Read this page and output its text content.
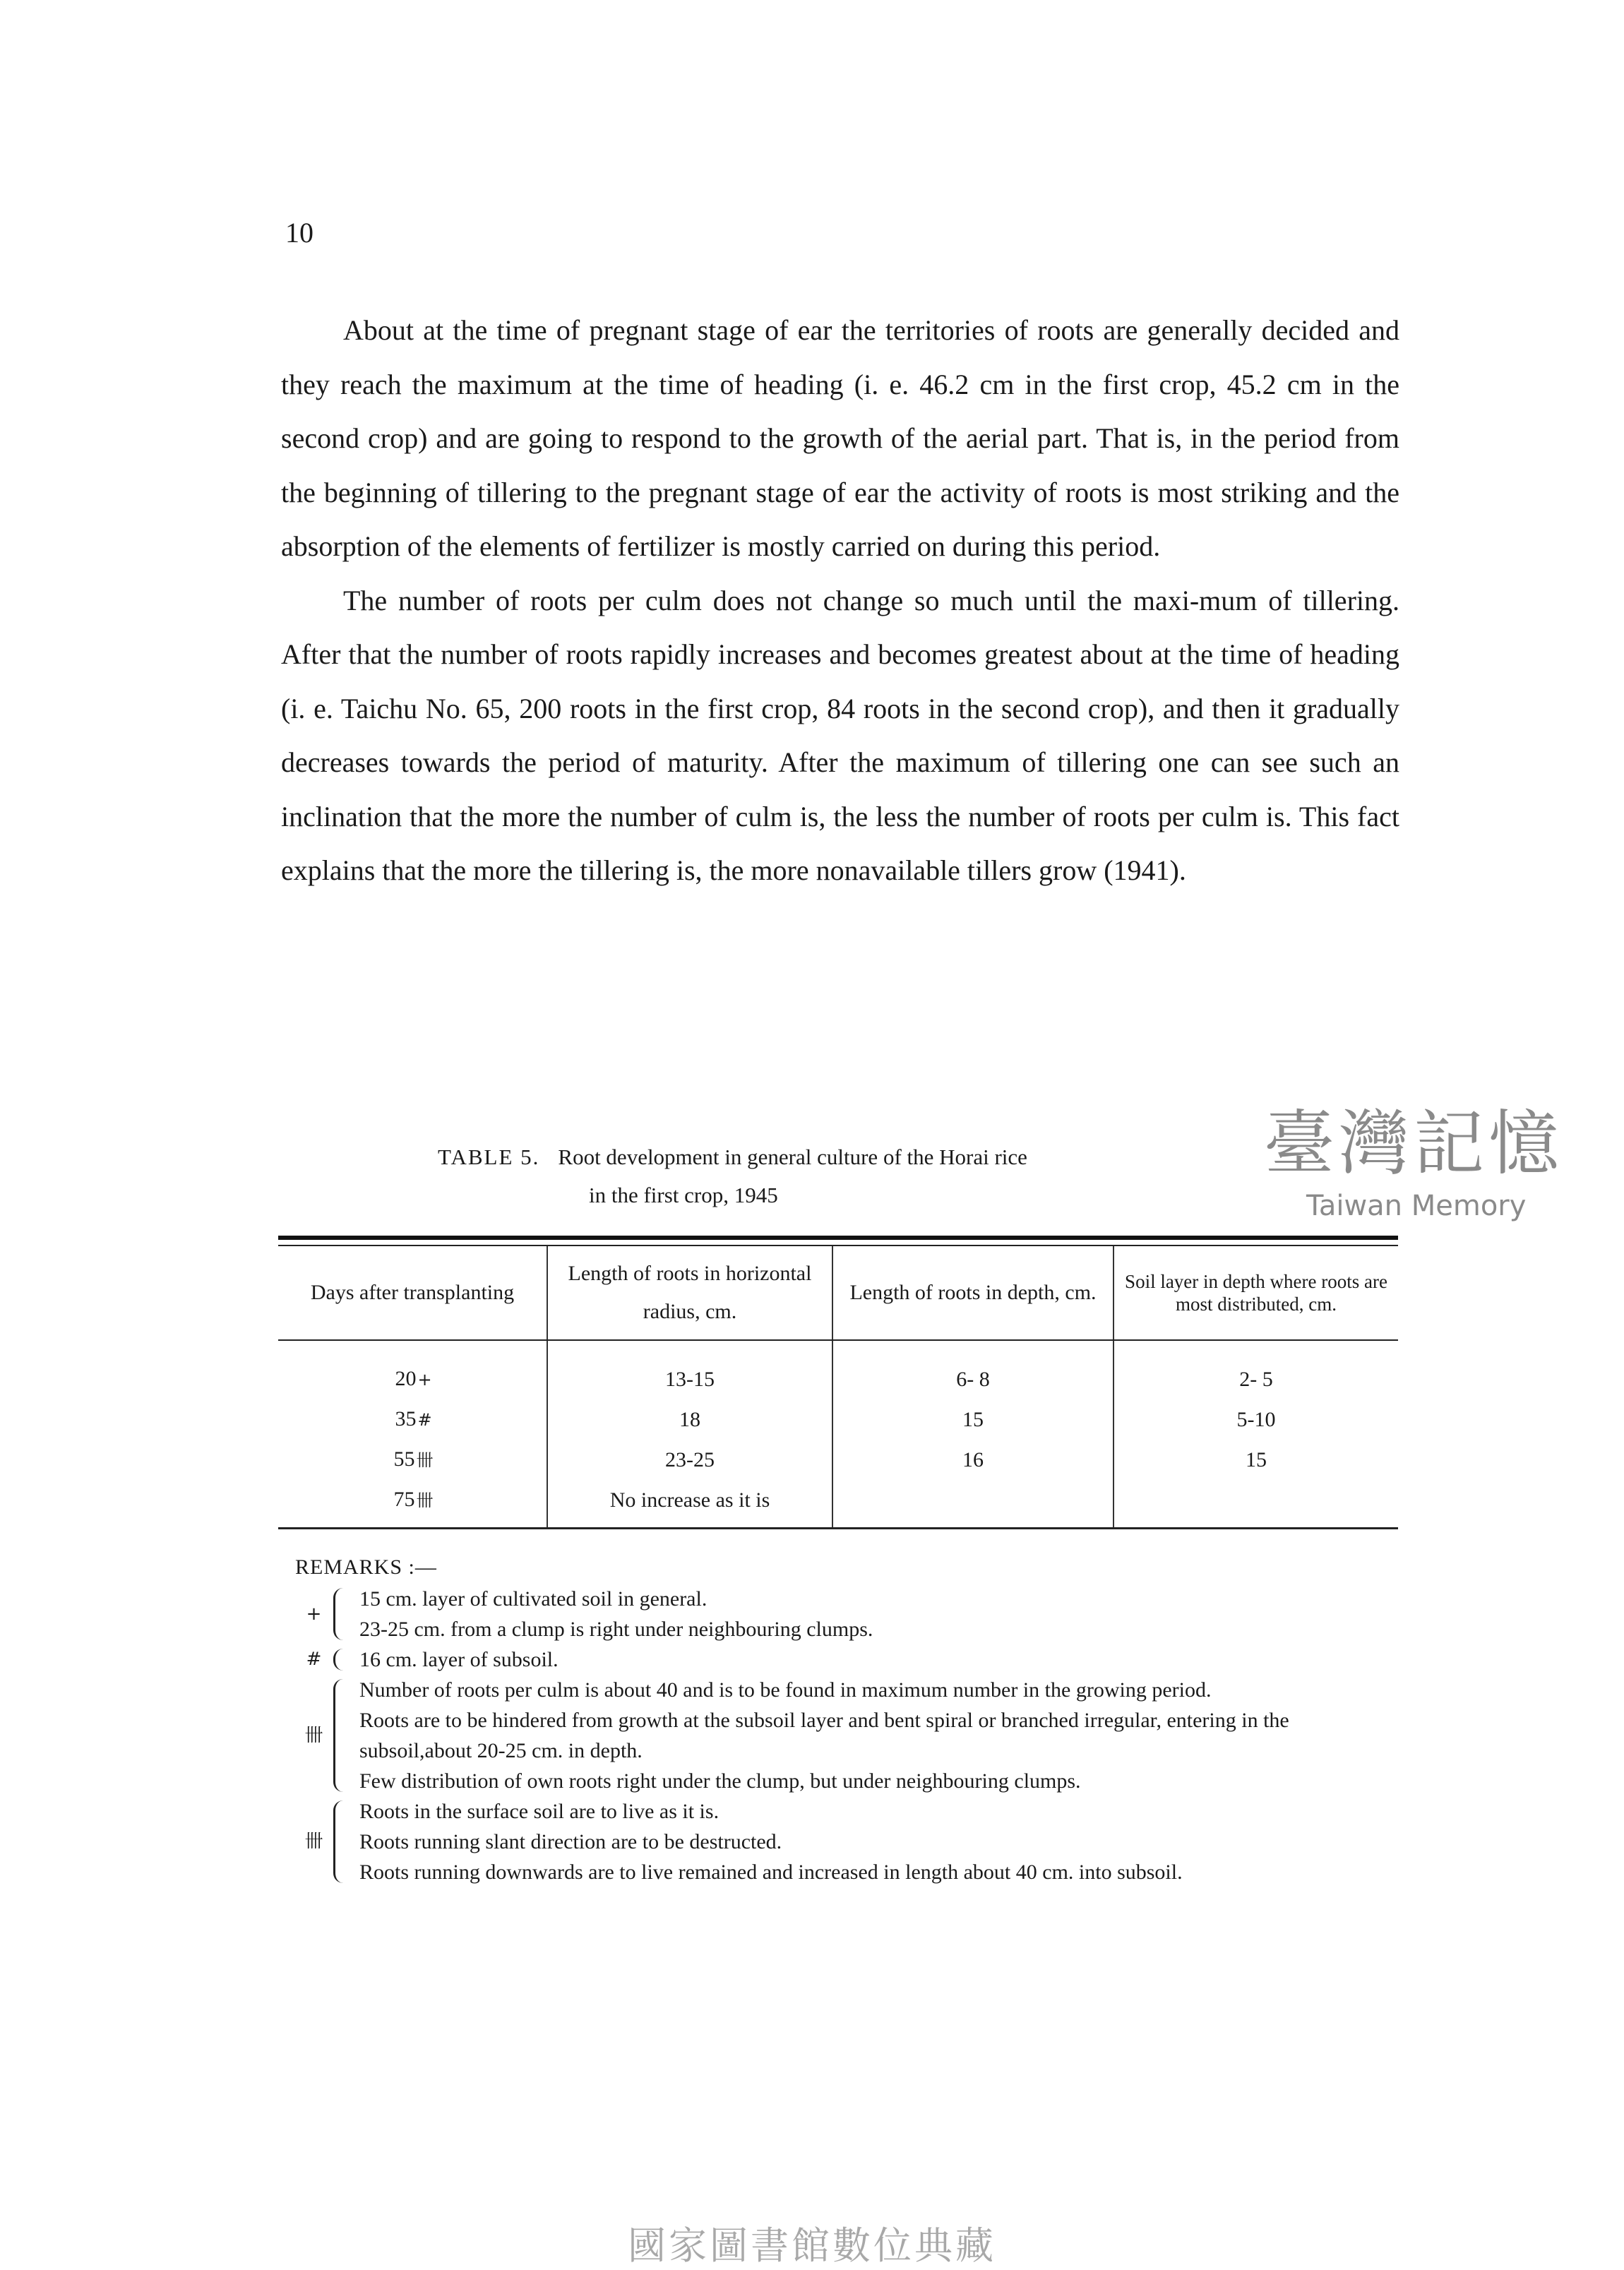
10

About at the time of pregnant stage of ear the territories of roots are generally decided and they reach the maximum at the time of heading (i. e. 46.2 cm in the first crop, 45.2 cm in the second crop) and are going to respond to the growth of the aerial part. That is, in the period from the beginning of tillering to the pregnant stage of ear the activity of roots is most striking and the absorption of the elements of fertilizer is mostly carried on during this period.

The number of roots per culm does not change so much until the maxi-mum of tillering. After that the number of roots rapidly increases and becomes greatest about at the time of heading (i. e. Taichu No. 65, 200 roots in the first crop, 84 roots in the second crop), and then it gradually decreases towards the period of maturity. After the maximum of tillering one can see such an inclination that the more the number of culm is, the less the number of roots per culm is. This fact explains that the more the tillering is, the more nonavailable tillers grow (1941).

TABLE 5. Root development in general culture of the Horai rice
in the first crop, 1945
Days after transplanting	Length of roots in horizontal radius, cm.	Length of roots in depth, cm.	Soil layer in depth where roots are most distributed, cm.
20+	13-15	6- 8	2- 5
35#	18	15	5-10
55卌	23-25	16	15
75卌	No increase as it is		
REMARKS :—
+
15 cm. layer of cultivated soil in general.
23-25 cm. from a clump is right under neighbouring clumps.
#	16 cm. layer of subsoil.
卌
Number of roots per culm is about 40 and is to be found in maximum number in the growing period.
Roots are to be hindered from growth at the subsoil layer and bent spiral or branched irregular, entering in the subsoil,about 20-25 cm. in depth.
Few distribution of own roots right under the clump, but under neighbouring clumps.
卌
Roots in the surface soil are to live as it is.
Roots running slant direction are to be destructed.
Roots running downwards are to live remained and increased in length about 40 cm. into subsoil.
臺灣記憶
Taiwan Memory
國家圖書館數位典藏
